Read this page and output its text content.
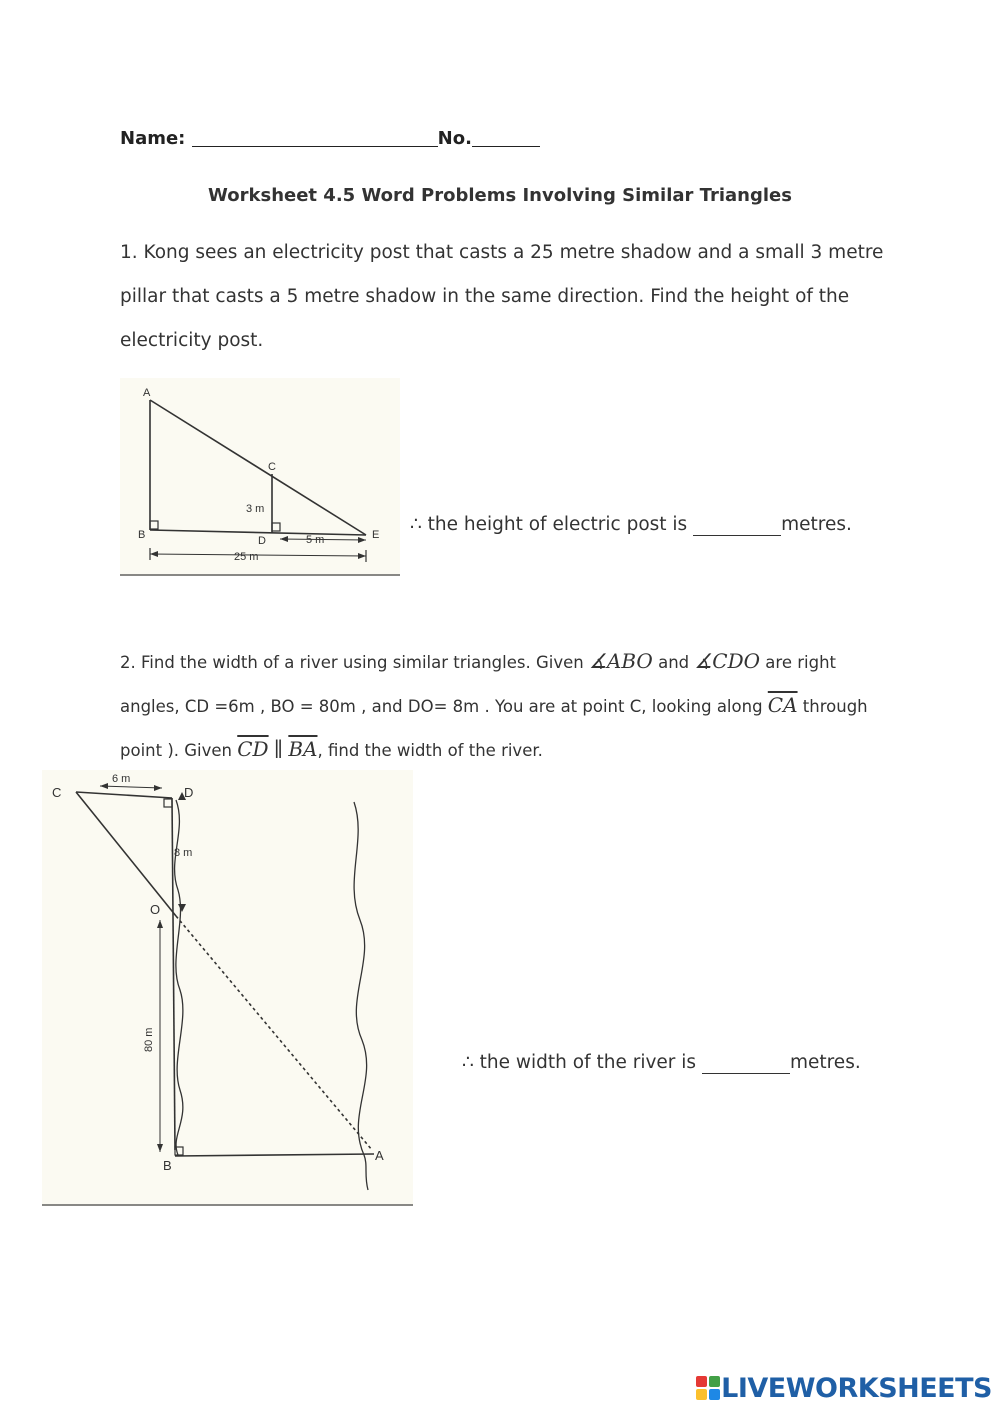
Name:	No.
Worksheet 4.5 Word Problems Involving Similar Triangles
1. Kong sees an electricity post that casts a 25 metre shadow and a small 3 metre
pillar that casts a 5 metre shadow in the same direction. Find the height of the
electricity post.
A
B
C
D	E
3 m
5 m
25 m
∴ the height of electric post is	metres.
2. Find the width of a river using similar triangles. Given ∡ABO and ∡CDO are right
angles, CD =6m , BO = 80m , and DO= 8m . You are at point C, looking along $\overline{CA}$ through
point ). Given $\overline{CD}$ ∥ $\overline{BA}$, find the width of the river.
C	D
O
B
A
6 m
8 m
80 m
∴ the width of the river is	metres.
LIVEWORKSHEETS
